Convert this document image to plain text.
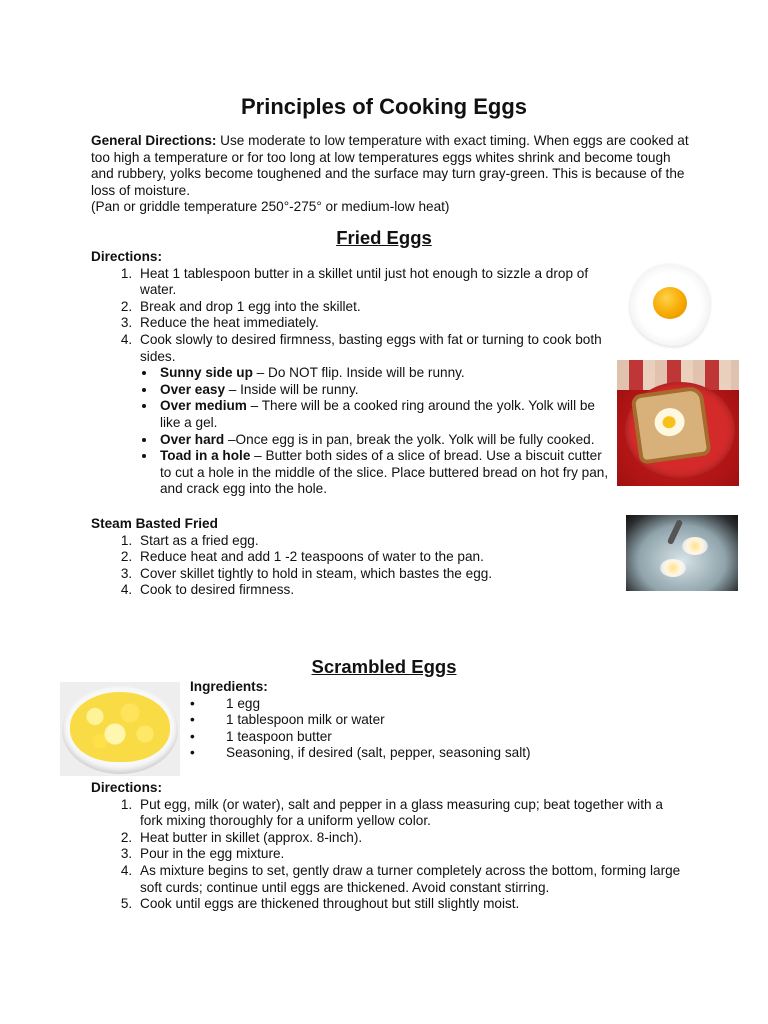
Principles of Cooking Eggs

General Directions: Use moderate to low temperature with exact timing. When eggs are cooked at too high a temperature or for too long at low temperatures eggs whites shrink and become tough and rubbery, yolks become toughened and the surface may turn gray-green. This is because of the loss of moisture.

(Pan or griddle temperature 250°-275° or medium-low heat)

Fried Eggs
Directions:
1. Heat 1 tablespoon butter in a skillet until just hot enough to sizzle a drop of water.
2. Break and drop 1 egg into the skillet.
3. Reduce the heat immediately.
4. Cook slowly to desired firmness, basting eggs with fat or turning to cook both sides.
• Sunny side up – Do NOT flip. Inside will be runny.
• Over easy – Inside will be runny.
• Over medium – There will be a cooked ring around the yolk. Yolk will be like a gel.
• Over hard –Once egg is in pan, break the yolk. Yolk will be fully cooked.
• Toad in a hole – Butter both sides of a slice of bread. Use a biscuit cutter to cut a hole in the middle of the slice. Place buttered bread on hot fry pan, and crack egg into the hole.
Steam Basted Fried
1. Start as a fried egg.
2. Reduce heat and add 1 -2 teaspoons of water to the pan.
3. Cover skillet tightly to hold in steam, which bastes the egg.
4. Cook to desired firmness.
Scrambled Eggs
Ingredients:
• 1 egg
• 1 tablespoon milk or water
• 1 teaspoon butter
• Seasoning, if desired (salt, pepper, seasoning salt)
Directions:
1. Put egg, milk (or water), salt and pepper in a glass measuring cup; beat together with a fork mixing thoroughly for a uniform yellow color.
2. Heat butter in skillet (approx. 8-inch).
3. Pour in the egg mixture.
4. As mixture begins to set, gently draw a turner completely across the bottom, forming large soft curds; continue until eggs are thickened. Avoid constant stirring.
5. Cook until eggs are thickened throughout but still slightly moist.
